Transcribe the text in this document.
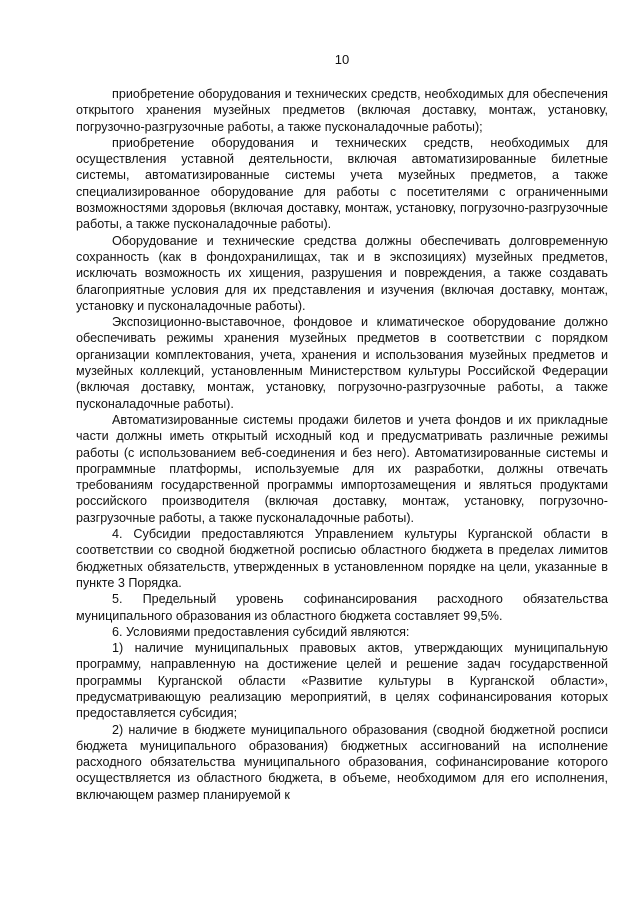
10

приобретение оборудования и технических средств, необходимых для обеспечения открытого хранения музейных предметов (включая доставку, монтаж, установку, погрузочно-разгрузочные работы, а также пусконаладочные работы);

приобретение оборудования и технических средств, необходимых для осуществления уставной деятельности, включая автоматизированные билетные системы, автоматизированные системы учета музейных предметов, а также специализированное оборудование для работы с посетителями с ограниченными возможностями здоровья (включая доставку, монтаж, установку, погрузочно-разгрузочные работы, а также пусконаладочные работы).

Оборудование и технические средства должны обеспечивать долговременную сохранность (как в фондохранилищах, так и в экспозициях) музейных предметов, исключать возможность их хищения, разрушения и повреждения, а также создавать благоприятные условия для их представления и изучения (включая доставку, монтаж, установку и пусконаладочные работы).

Экспозиционно-выставочное, фондовое и климатическое оборудование должно обеспечивать режимы хранения музейных предметов в соответствии с порядком организации комплектования, учета, хранения и использования музейных предметов и музейных коллекций, установленным Министерством культуры Российской Федерации (включая доставку, монтаж, установку, погрузочно-разгрузочные работы, а также пусконаладочные работы).

Автоматизированные системы продажи билетов и учета фондов и их прикладные части должны иметь открытый исходный код и предусматривать различные режимы работы (с использованием веб-соединения и без него). Автоматизированные системы и программные платформы, используемые для их разработки, должны отвечать требованиям государственной программы импортозамещения и являться продуктами российского производителя (включая доставку, монтаж, установку, погрузочно-разгрузочные работы, а также пусконаладочные работы).

4. Субсидии предоставляются Управлением культуры Курганской области в соответствии со сводной бюджетной росписью областного бюджета в пределах лимитов бюджетных обязательств, утвержденных в установленном порядке на цели, указанные в пункте 3 Порядка.

5. Предельный уровень софинансирования расходного обязательства муниципального образования из областного бюджета составляет 99,5%.

6. Условиями предоставления субсидий являются:

1) наличие муниципальных правовых актов, утверждающих муниципальную программу, направленную на достижение целей и решение задач государственной программы Курганской области «Развитие культуры в Курганской области», предусматривающую реализацию мероприятий, в целях софинансирования которых предоставляется субсидия;

2) наличие в бюджете муниципального образования (сводной бюджетной росписи бюджета муниципального образования) бюджетных ассигнований на исполнение расходного обязательства муниципального образования, софинансирование которого осуществляется из областного бюджета, в объеме, необходимом для его исполнения, включающем размер планируемой к
